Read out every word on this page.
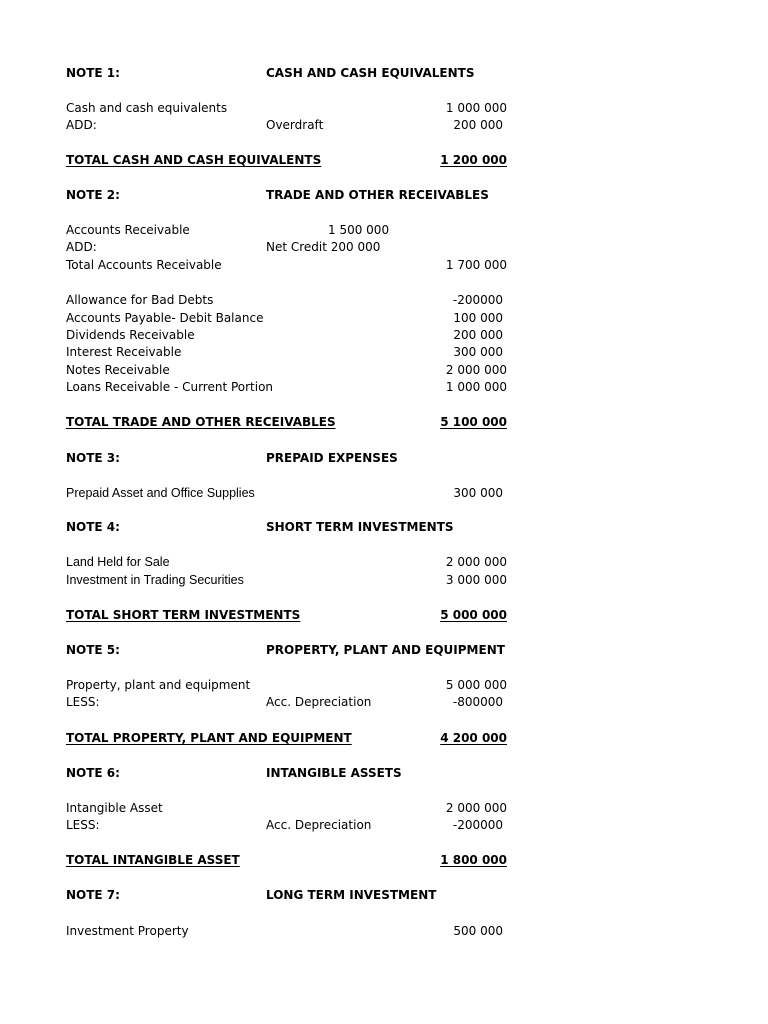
NOTE 1:	CASH AND CASH EQUIVALENTS
Cash and cash equivalents	1 000 000
ADD:	Overdraft	200 000
TOTAL CASH AND CASH EQUIVALENTS	1 200 000
NOTE 2:	TRADE AND OTHER RECEIVABLES
Accounts Receivable	1 500 000
ADD:	Net Credit 200 000
Total Accounts Receivable	1 700 000
Allowance for Bad Debts	-200000
Accounts Payable- Debit Balance	100 000
Dividends Receivable	200 000
Interest Receivable	300 000
Notes Receivable	2 000 000
Loans Receivable - Current Portion	1 000 000
TOTAL TRADE AND OTHER RECEIVABLES	5 100 000
NOTE 3:	PREPAID EXPENSES
Prepaid Asset and Office Supplies	300 000
NOTE 4:	SHORT TERM INVESTMENTS
Land Held for Sale	2 000 000
Investment in Trading Securities	3 000 000
TOTAL SHORT TERM INVESTMENTS	5 000 000
NOTE 5:	PROPERTY, PLANT AND EQUIPMENT
Property, plant and equipment	5 000 000
LESS:	Acc. Depreciation	-800000
TOTAL PROPERTY, PLANT AND EQUIPMENT	4 200 000
NOTE 6:	INTANGIBLE ASSETS
Intangible Asset	2 000 000
LESS:	Acc. Depreciation	-200000
TOTAL INTANGIBLE ASSET	1 800 000
NOTE 7:	LONG TERM INVESTMENT
Investment Property	500 000
